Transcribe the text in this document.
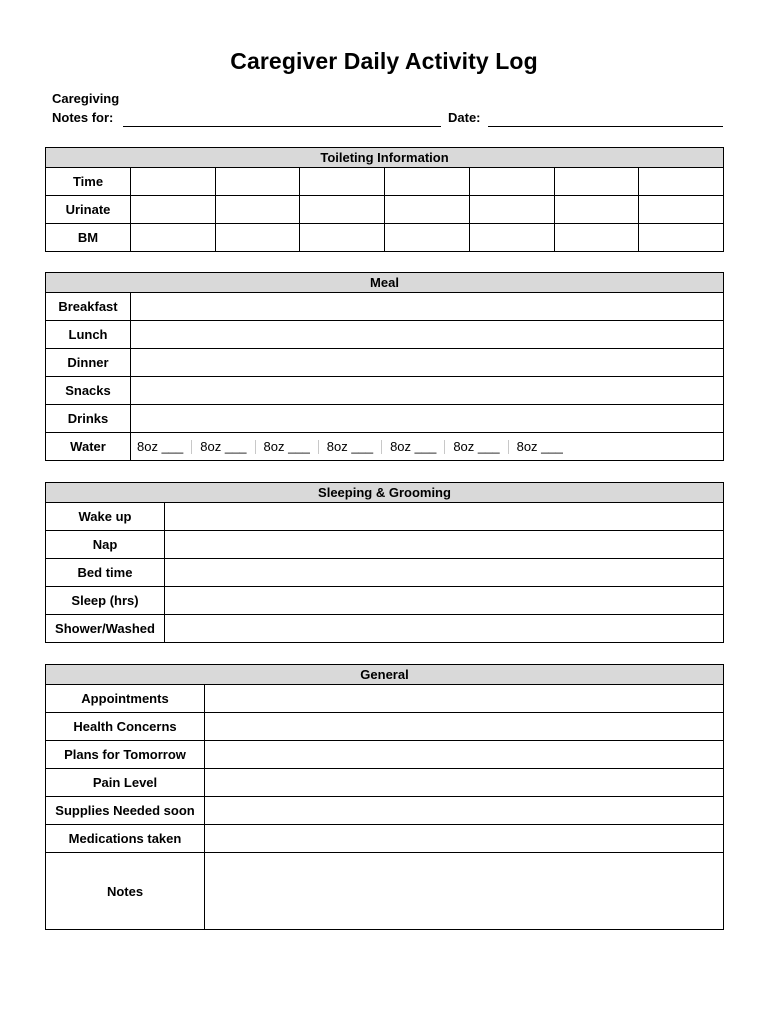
Caregiver Daily Activity Log
Caregiving
Notes for:	Date:
Toileting Information							
Time							
Urinate							
BM							
Meal	
Breakfast	
Lunch	
Dinner	
Snacks	
Drinks	
Water	8oz ___ 8oz ___ 8oz ___ 8oz ___ 8oz ___ 8oz ___ 8oz ___
Sleeping & Grooming	
Wake up	
Nap	
Bed time	
Sleep (hrs)	
Shower/Washed	
General	
Appointments	
Health Concerns	
Plans for Tomorrow	
Pain Level	
Supplies Needed soon	
Medications taken	
Notes	
